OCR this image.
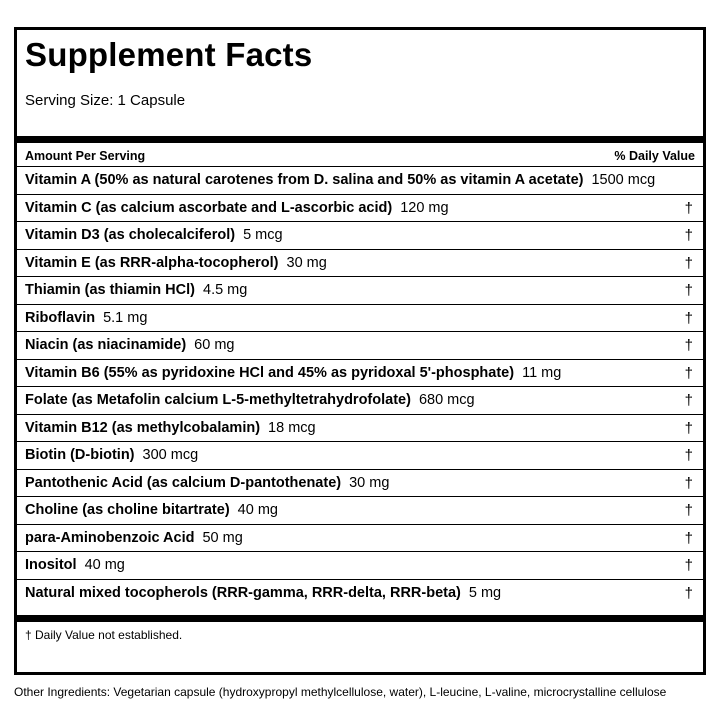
Supplement Facts
Serving Size: 1 Capsule
Amount Per Serving	% Daily Value
Vitamin A (50% as natural carotenes from D. salina and 50% as vitamin A acetate) 1500 mcg
Vitamin C (as calcium ascorbate and L-ascorbic acid) 120 mg	†
Vitamin D3 (as cholecalciferol) 5 mcg	†
Vitamin E (as RRR-alpha-tocopherol) 30 mg	†
Thiamin (as thiamin HCl) 4.5 mg	†
Riboflavin 5.1 mg	†
Niacin (as niacinamide) 60 mg	†
Vitamin B6 (55% as pyridoxine HCl and 45% as pyridoxal 5'-phosphate) 11 mg	†
Folate (as Metafolin calcium L-5-methyltetrahydrofolate) 680 mcg	†
Vitamin B12 (as methylcobalamin) 18 mcg	†
Biotin (D-biotin) 300 mcg	†
Pantothenic Acid (as calcium D-pantothenate) 30 mg	†
Choline (as choline bitartrate) 40 mg	†
para-Aminobenzoic Acid 50 mg	†
Inositol 40 mg	†
Natural mixed tocopherols (RRR-gamma, RRR-delta, RRR-beta) 5 mg	†
† Daily Value not established.
Other Ingredients: Vegetarian capsule (hydroxypropyl methylcellulose, water), L-leucine, L-valine, microcrystalline cellulose
